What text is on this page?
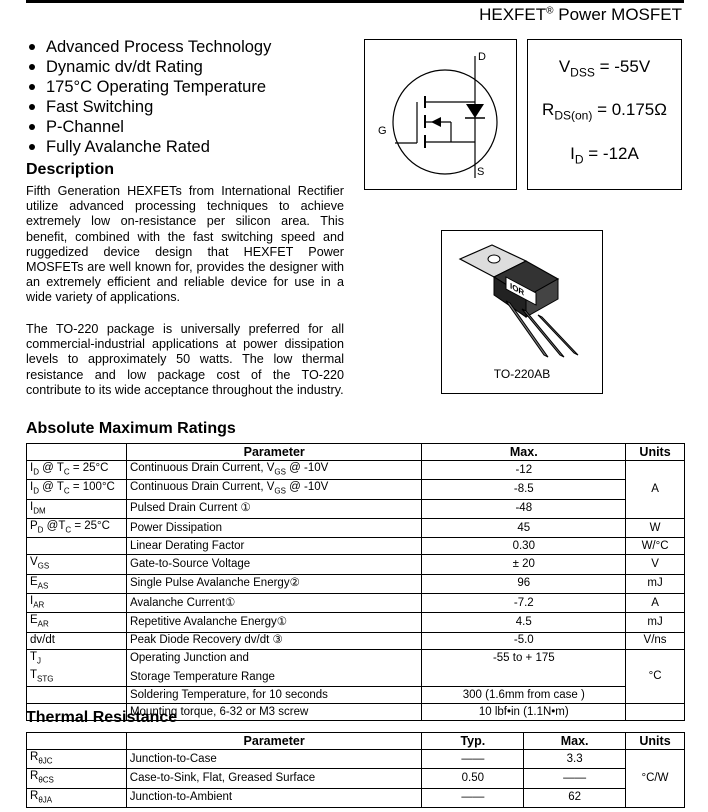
HEXFET® Power MOSFET
Advanced Process Technology
Dynamic dv/dt Rating
175°C Operating Temperature
Fast Switching
P-Channel
Fully Avalanche Rated
Description
Fifth Generation HEXFETs from International Rectifier utilize advanced processing techniques to achieve extremely low on-resistance per silicon area. This benefit, combined with the fast switching speed and ruggedized device design that HEXFET Power MOSFETs are well known for, provides the designer with an extremely efficient and reliable device for use in a wide variety of applications.
The TO-220 package is universally preferred for all commercial-industrial applications at power dissipation levels to approximately 50 watts. The low thermal resistance and low package cost of the TO-220 contribute to its wide acceptance throughout the industry.
D
G
S
$V_{DSS} = -55V$
$R_{DS(on)} = 0.175\Omega$
$I_D = -12A$
IOR
TO-220AB
Absolute Maximum Ratings
	Parameter	Max.	Units
$I_D$ @ $T_C = 25^\circ C$	Continuous Drain Current, $V_{GS}$ @ -10V	-12	A
$I_D$ @ $T_C = 100^\circ C$	Continuous Drain Current, $V_{GS}$ @ -10V	-8.5	
$I_{DM}$	Pulsed Drain Current ①	-48	
$P_D$ $@T_C = 25^\circ C$	Power Dissipation	45	W
	Linear Derating Factor	0.30	W/°C
$V_{GS}$	Gate-to-Source Voltage	± 20	V
$E_{AS}$	Single Pulse Avalanche Energy②	96	mJ
$I_{AR}$	Avalanche Current①	-7.2	A
$E_{AR}$	Repetitive Avalanche Energy①	4.5	mJ
dv/dt	Peak Diode Recovery dv/dt ③	-5.0	V/ns
$T_J$	Operating Junction and	-55 to + 175	°C
$T_{STG}$	Storage Temperature Range		
	Soldering Temperature, for 10 seconds	300 (1.6mm from case )	
	Mounting torque, 6-32 or M3 screw	10 lbf•in (1.1N•m)	
Thermal Resistance
	Parameter	Typ.	Max.	Units
$R_{\theta JC}$	Junction-to-Case	——	3.3	°C/W
$R_{\theta CS}$	Case-to-Sink, Flat, Greased Surface	0.50	——	
$R_{\theta JA}$	Junction-to-Ambient	——	62	
